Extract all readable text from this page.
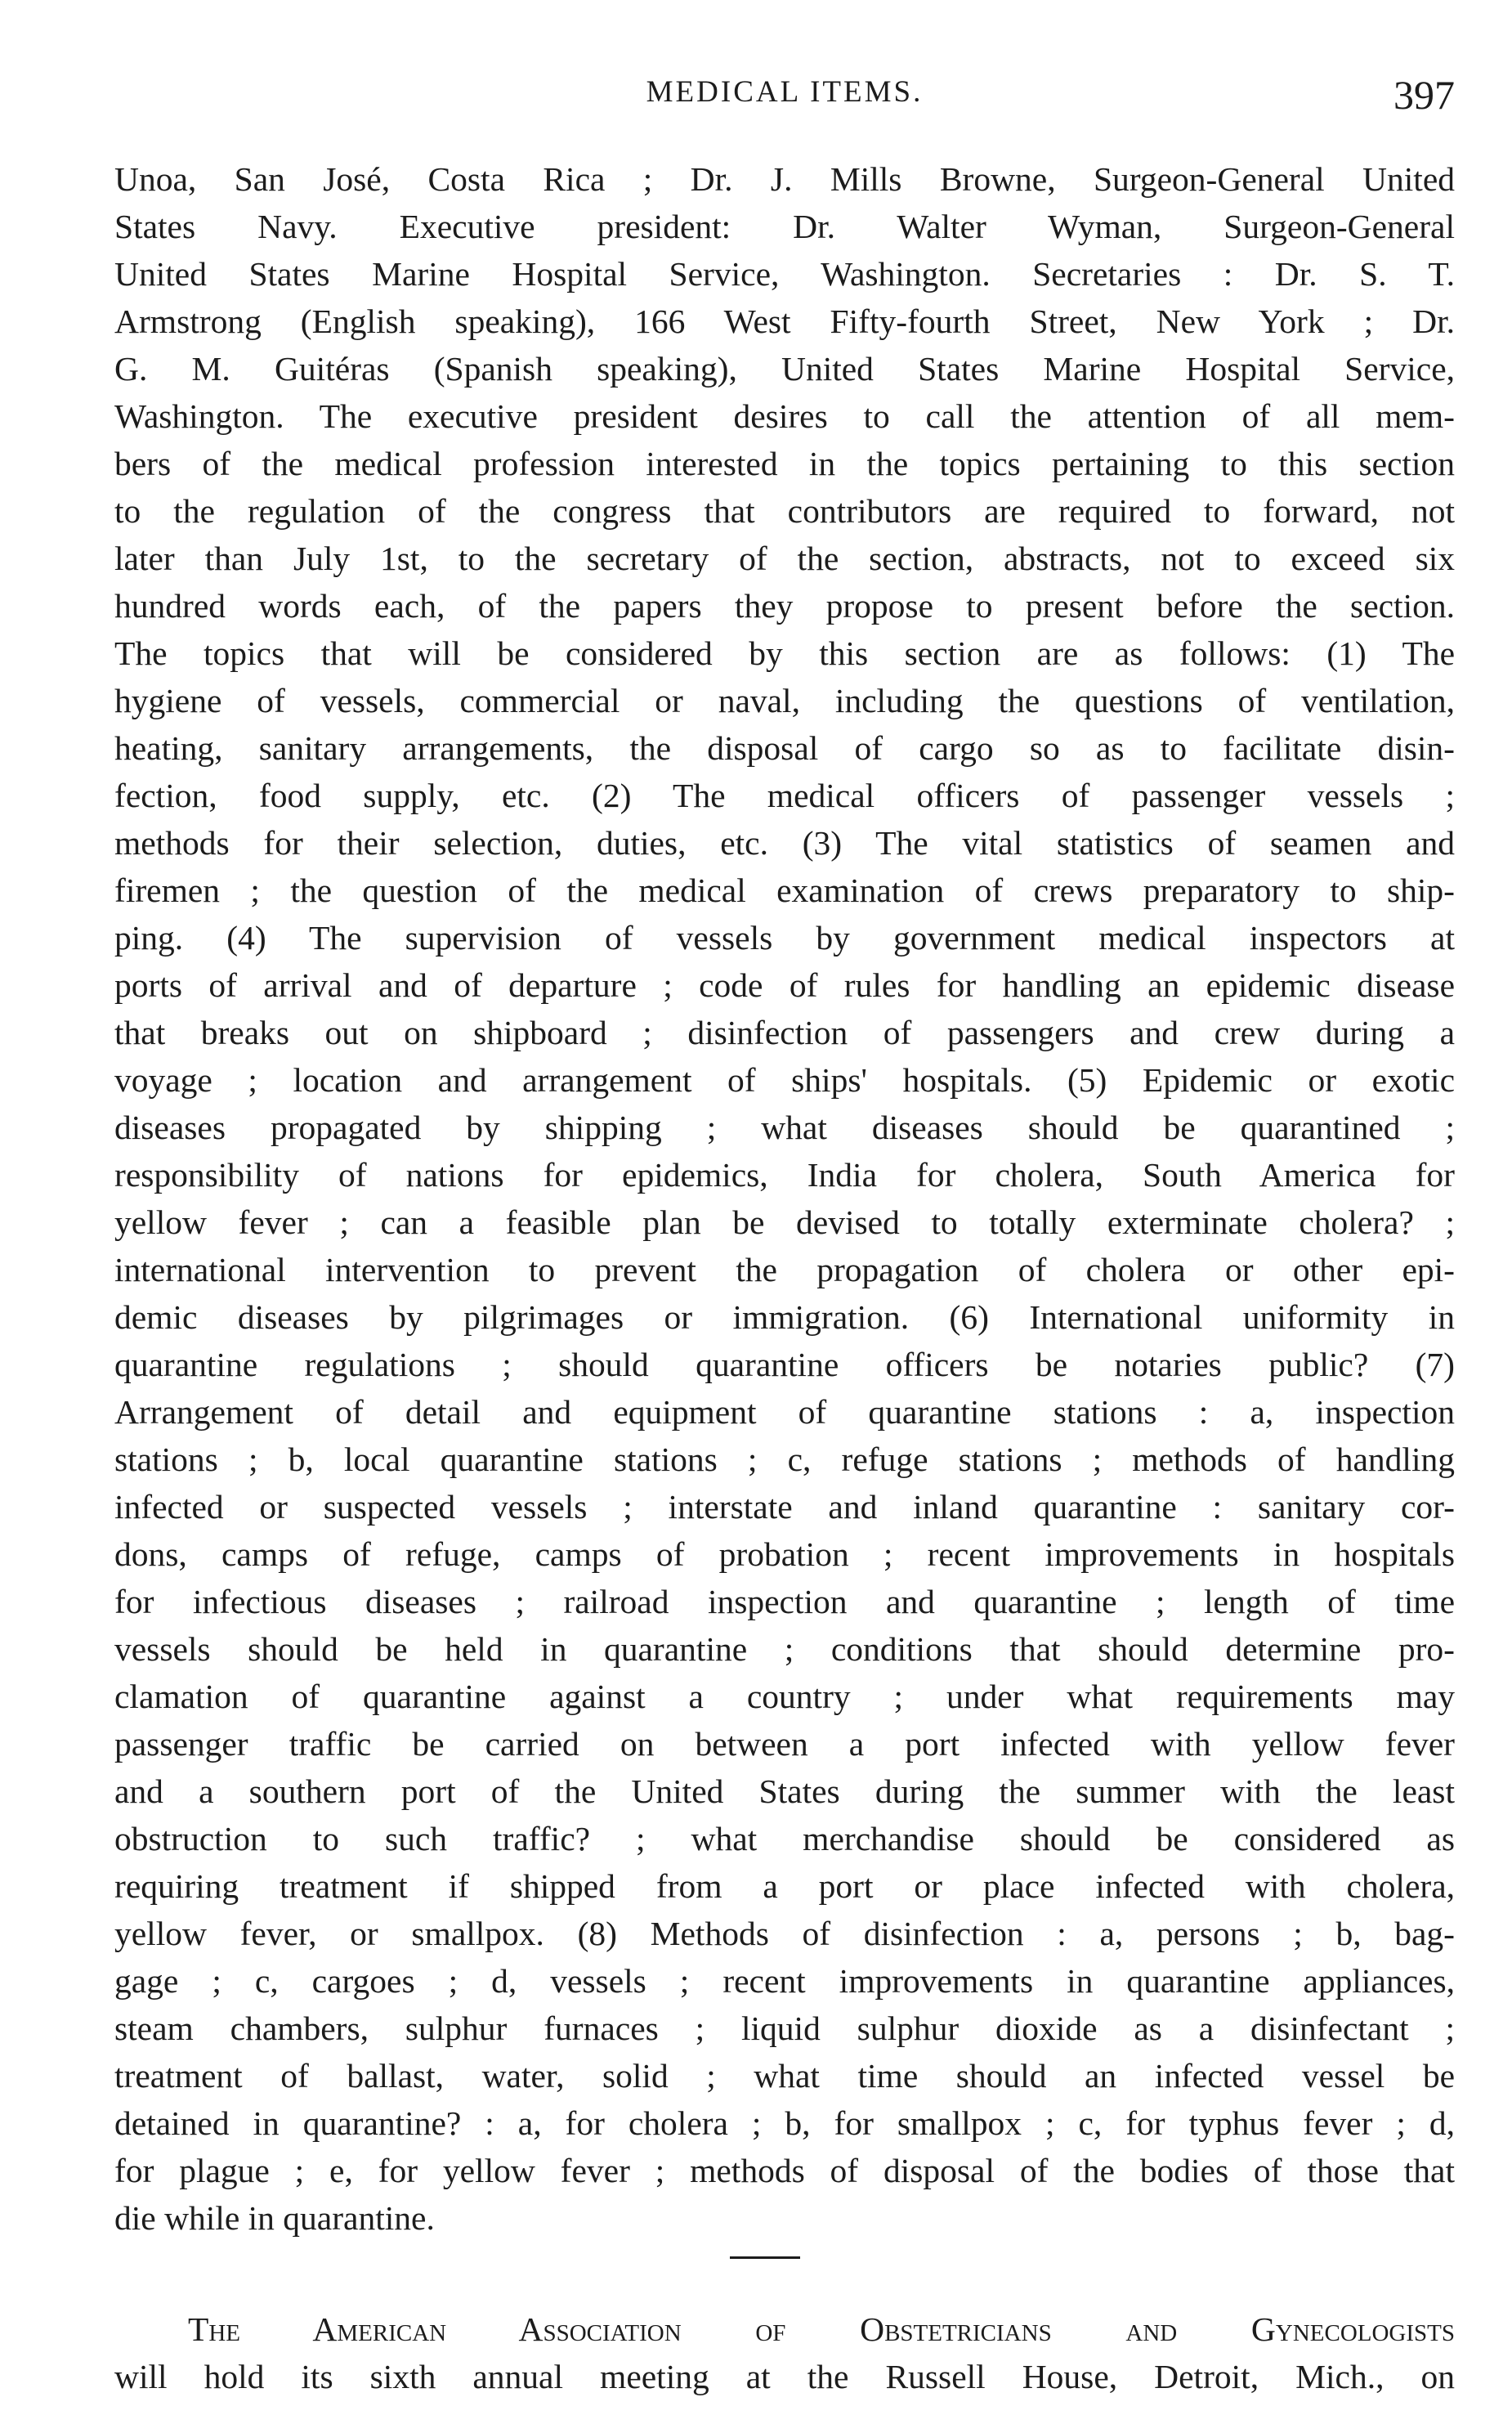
MEDICAL ITEMS.	397
Unoa, San José, Costa Rica ; Dr. J. Mills Browne, Surgeon-General United
States Navy. Executive president: Dr. Walter Wyman, Surgeon-General
United States Marine Hospital Service, Washington. Secretaries : Dr. S. T.
Armstrong (English speaking), 166 West Fifty-fourth Street, New York ; Dr.
G. M. Guitéras (Spanish speaking), United States Marine Hospital Service,
Washington. The executive president desires to call the attention of all mem-
bers of the medical profession interested in the topics pertaining to this section
to the regulation of the congress that contributors are required to forward, not
later than July 1st, to the secretary of the section, abstracts, not to exceed six
hundred words each, of the papers they propose to present before the section.
The topics that will be considered by this section are as follows: (1) The
hygiene of vessels, commercial or naval, including the questions of ventilation,
heating, sanitary arrangements, the disposal of cargo so as to facilitate disin-
fection, food supply, etc. (2) The medical officers of passenger vessels ;
methods for their selection, duties, etc. (3) The vital statistics of seamen and
firemen ; the question of the medical examination of crews preparatory to ship-
ping. (4) The supervision of vessels by government medical inspectors at
ports of arrival and of departure ; code of rules for handling an epidemic disease
that breaks out on shipboard ; disinfection of passengers and crew during a
voyage ; location and arrangement of ships' hospitals. (5) Epidemic or exotic
diseases propagated by shipping ; what diseases should be quarantined ;
responsibility of nations for epidemics, India for cholera, South America for
yellow fever ; can a feasible plan be devised to totally exterminate cholera? ;
international intervention to prevent the propagation of cholera or other epi-
demic diseases by pilgrimages or immigration. (6) International uniformity in
quarantine regulations ; should quarantine officers be notaries public? (7)
Arrangement of detail and equipment of quarantine stations : a, inspection
stations ; b, local quarantine stations ; c, refuge stations ; methods of handling
infected or suspected vessels ; interstate and inland quarantine : sanitary cor-
dons, camps of refuge, camps of probation ; recent improvements in hospitals
for infectious diseases ; railroad inspection and quarantine ; length of time
vessels should be held in quarantine ; conditions that should determine pro-
clamation of quarantine against a country ; under what requirements may
passenger traffic be carried on between a port infected with yellow fever
and a southern port of the United States during the summer with the least
obstruction to such traffic? ; what merchandise should be considered as
requiring treatment if shipped from a port or place infected with cholera,
yellow fever, or smallpox. (8) Methods of disinfection : a, persons ; b, bag-
gage ; c, cargoes ; d, vessels ; recent improvements in quarantine appliances,
steam chambers, sulphur furnaces ; liquid sulphur dioxide as a disinfectant ;
treatment of ballast, water, solid ; what time should an infected vessel be
detained in quarantine? : a, for cholera ; b, for smallpox ; c, for typhus fever ; d,
for plague ; e, for yellow fever ; methods of disposal of the bodies of those that
die while in quarantine.
The American Association of Obstetricians and Gynecologists
will hold its sixth annual meeting at the Russell House, Detroit, Mich., on
